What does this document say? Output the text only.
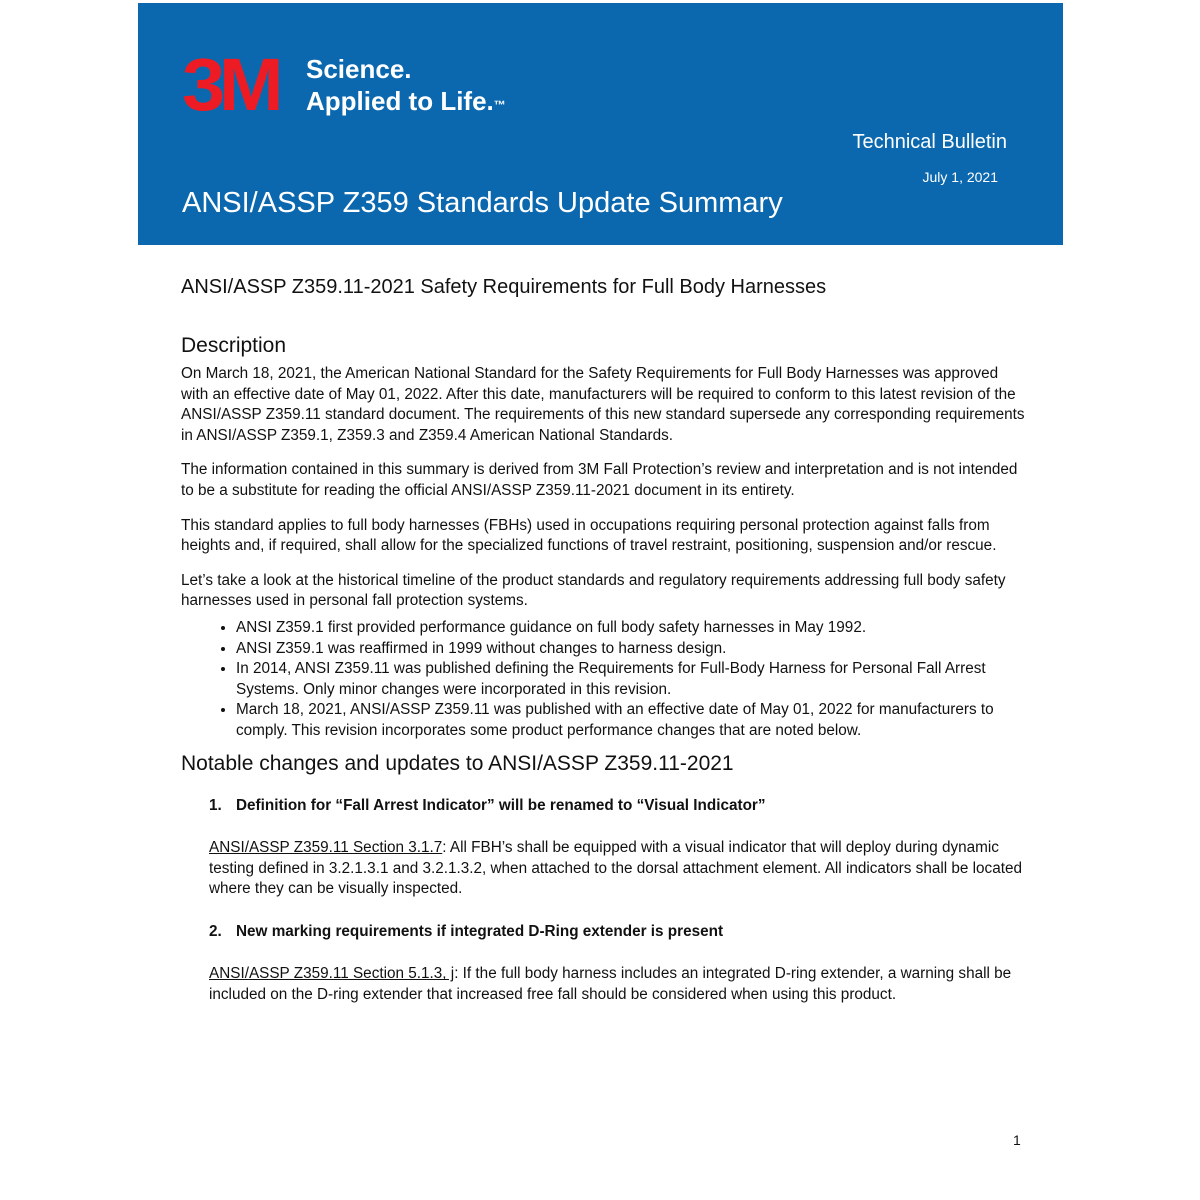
3M Science.
Applied to Life.™
Technical Bulletin
July 1, 2021
ANSI/ASSP Z359 Standards Update Summary
ANSI/ASSP Z359.11-2021 Safety Requirements for Full Body Harnesses
Description

On March 18, 2021, the American National Standard for the Safety Requirements for Full Body Harnesses was approved with an effective date of May 01, 2022. After this date, manufacturers will be required to conform to this latest revision of the ANSI/ASSP Z359.11 standard document. The requirements of this new standard supersede any corresponding requirements in ANSI/ASSP Z359.1, Z359.3 and Z359.4 American National Standards.

The information contained in this summary is derived from 3M Fall Protection’s review and interpretation and is not intended to be a substitute for reading the official ANSI/ASSP Z359.11-2021 document in its entirety.

This standard applies to full body harnesses (FBHs) used in occupations requiring personal protection against falls from heights and, if required, shall allow for the specialized functions of travel restraint, positioning, suspension and/or rescue.

Let’s take a look at the historical timeline of the product standards and regulatory requirements addressing full body safety harnesses used in personal fall protection systems.

• ANSI Z359.1 first provided performance guidance on full body safety harnesses in May 1992.
• ANSI Z359.1 was reaffirmed in 1999 without changes to harness design.
• In 2014, ANSI Z359.11 was published defining the Requirements for Full-Body Harness for Personal Fall Arrest Systems. Only minor changes were incorporated in this revision.
• March 18, 2021, ANSI/ASSP Z359.11 was published with an effective date of May 01, 2022 for manufacturers to comply. This revision incorporates some product performance changes that are noted below.
Notable changes and updates to ANSI/ASSP Z359.11-2021
1. Definition for “Fall Arrest Indicator” will be renamed to “Visual Indicator”
ANSI/ASSP Z359.11 Section 3.1.7: All FBH’s shall be equipped with a visual indicator that will deploy during dynamic testing defined in 3.2.1.3.1 and 3.2.1.3.2, when attached to the dorsal attachment element. All indicators shall be located where they can be visually inspected.
2. New marking requirements if integrated D-Ring extender is present
ANSI/ASSP Z359.11 Section 5.1.3, j: If the full body harness includes an integrated D-ring extender, a warning shall be included on the D-ring extender that increased free fall should be considered when using this product.
1
